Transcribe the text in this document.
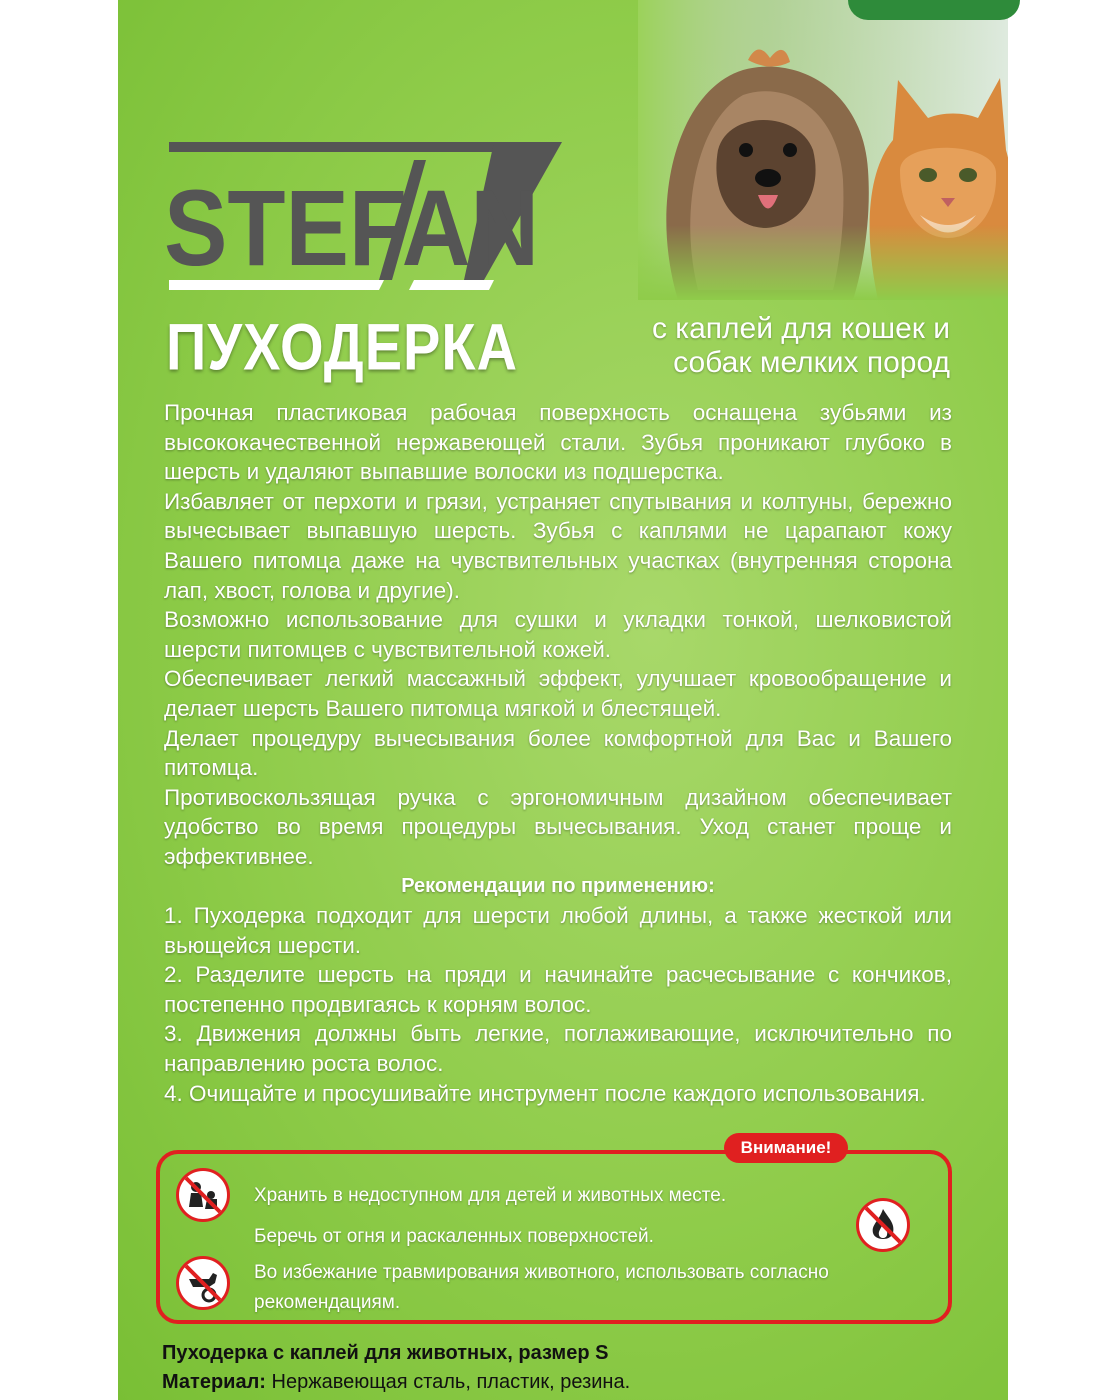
STEFAN
ПУХОДЕРКА	с каплей для кошек и
собак мелких пород

Прочная пластиковая рабочая поверхность оснащена зубьями из высококачественной нержавеющей стали. Зубья проникают глубоко в шерсть и удаляют выпавшие волоски из подшерстка.

Избавляет от перхоти и грязи, устраняет спутывания и колтуны, бережно вычесывает выпавшую шерсть. Зубья с каплями не царапают кожу Вашего питомца даже на чувствительных участках (внутренняя сторона лап, хвост, голова и другие).

Возможно использование для сушки и укладки тонкой, шелковистой шерсти питомцев с чувствительной кожей.

Обеспечивает легкий массажный эффект, улучшает кровообращение и делает шерсть Вашего питомца мягкой и блестящей.

Делает процедуру вычесывания более комфортной для Вас и Вашего питомца.

Противоскользящая ручка с эргономичным дизайном обеспечивает удобство во время процедуры вычесывания. Уход станет проще и эффективнее.

Рекомендации по применению:

1. Пуходерка подходит для шерсти любой длины, а также жесткой или вьющейся шерсти.

2. Разделите шерсть на пряди и начинайте расчесывание с кончиков, постепенно продвигаясь к корням волос.

3. Движения должны быть легкие, поглаживающие, исключительно по направлению роста волос.

4. Очищайте и просушивайте инструмент после каждого использования.

Внимание!
Хранить в недоступном для детей и животных месте.
Беречь от огня и раскаленных поверхностей.
Во избежание травмирования животного, использовать согласно
рекомендациям.
Пуходерка с каплей для животных, размер S
Материал: Нержавеющая сталь, пластик, резина.
